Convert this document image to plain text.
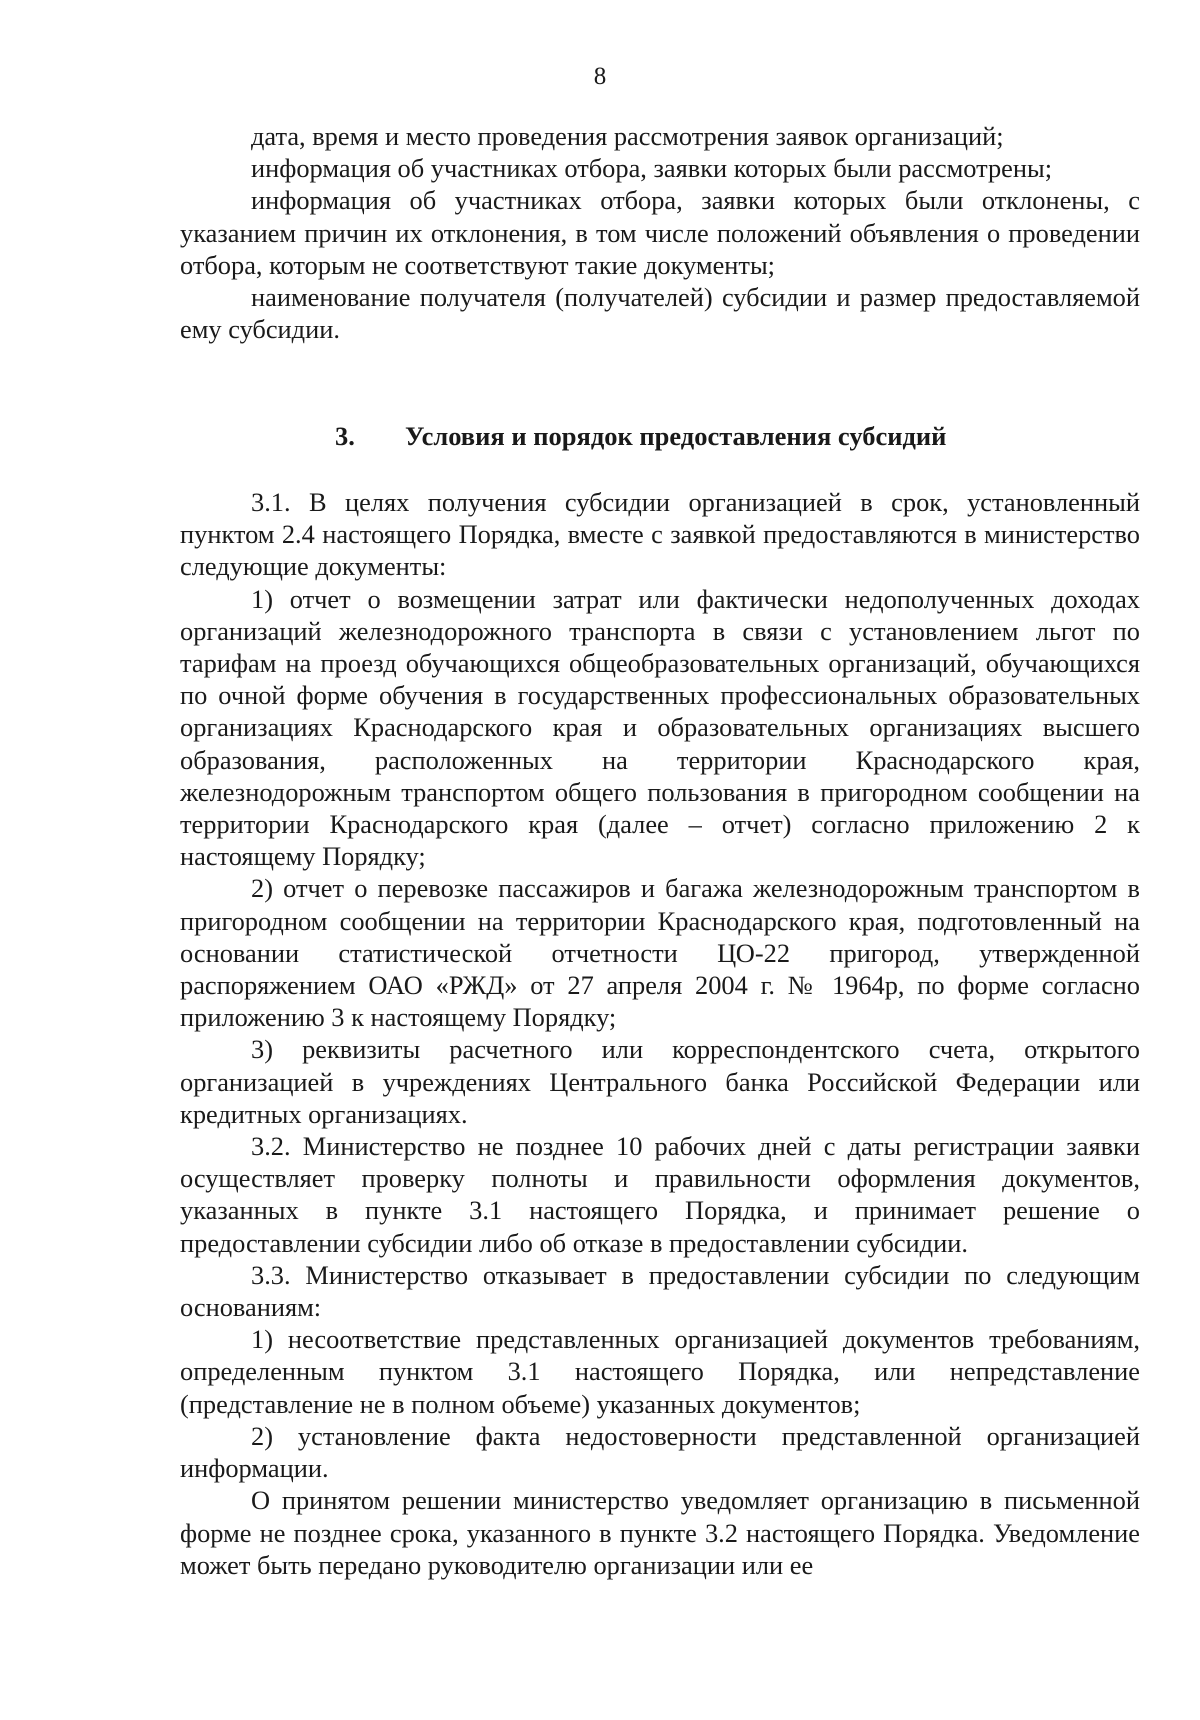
8

дата, время и место проведения рассмотрения заявок организаций;

информация об участниках отбора, заявки которых были рассмотрены;

информация об участниках отбора, заявки которых были отклонены, с указанием причин их отклонения, в том числе положений объявления о проведении отбора, которым не соответствуют такие документы;

наименование получателя (получателей) субсидии и размер предоставляемой ему субсидии.

3. Условия и порядок предоставления субсидий

3.1. В целях получения субсидии организацией в срок, установленный пунктом 2.4 настоящего Порядка, вместе с заявкой предоставляются в министерство следующие документы:

1) отчет о возмещении затрат или фактически недополученных доходах организаций железнодорожного транспорта в связи с установлением льгот по тарифам на проезд обучающихся общеобразовательных организаций, обучающихся по очной форме обучения в государственных профессиональных образовательных организациях Краснодарского края и образовательных организациях высшего образования, расположенных на территории Краснодарского края, железнодорожным транспортом общего пользования в пригородном сообщении на территории Краснодарского края (далее – отчет) согласно приложению 2 к настоящему Порядку;

2) отчет о перевозке пассажиров и багажа железнодорожным транспортом в пригородном сообщении на территории Краснодарского края, подготовленный на основании статистической отчетности ЦО-22 пригород, утвержденной распоряжением ОАО «РЖД» от 27 апреля 2004 г. № 1964р, по форме согласно приложению 3 к настоящему Порядку;

3) реквизиты расчетного или корреспондентского счета, открытого организацией в учреждениях Центрального банка Российской Федерации или кредитных организациях.

3.2. Министерство не позднее 10 рабочих дней с даты регистрации заявки осуществляет проверку полноты и правильности оформления документов, указанных в пункте 3.1 настоящего Порядка, и принимает решение о предоставлении субсидии либо об отказе в предоставлении субсидии.

3.3. Министерство отказывает в предоставлении субсидии по следующим основаниям:

1) несоответствие представленных организацией документов требованиям, определенным пунктом 3.1 настоящего Порядка, или непредставление (представление не в полном объеме) указанных документов;

2) установление факта недостоверности представленной организацией информации.

О принятом решении министерство уведомляет организацию в письменной форме не позднее срока, указанного в пункте 3.2 настоящего Порядка. Уведомление может быть передано руководителю организации или ее
